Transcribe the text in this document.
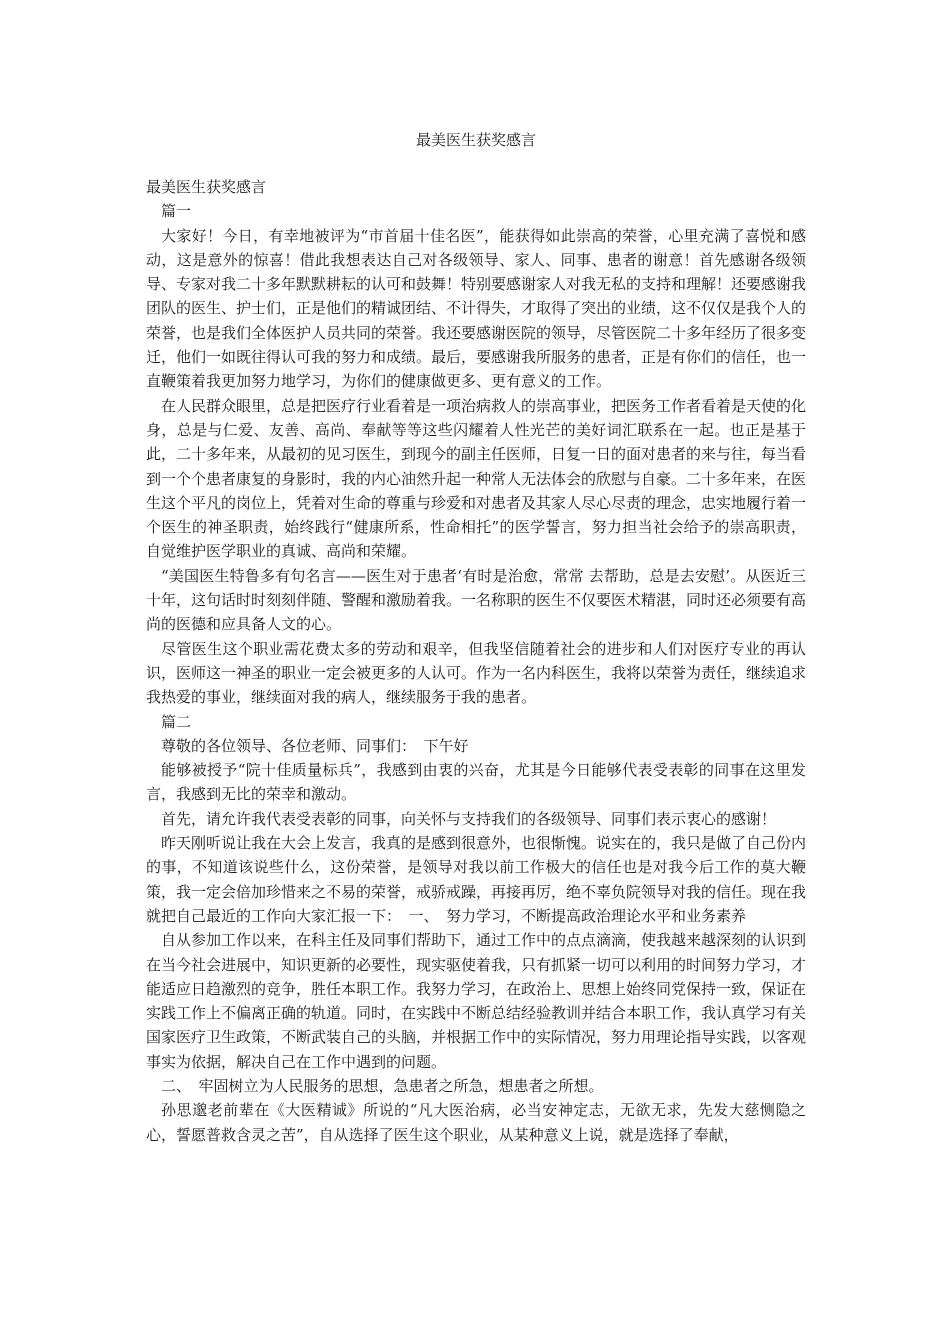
最美医生获奖感言

最美医生获奖感言

篇一

大家好！今日，有幸地被评为“市首届十佳名医”，能获得如此崇高的荣誉，心里充满了喜悦和感动，这是意外的惊喜！借此我想表达自己对各级领导、家人、同事、患者的谢意！首先感谢各级领导、专家对我二十多年默默耕耘的认可和鼓舞！特别要感谢家人对我无私的支持和理解！还要感谢我团队的医生、护士们，正是他们的精诚团结、不计得失，才取得了突出的业绩，这不仅仅是我个人的荣誉，也是我们全体医护人员共同的荣誉。我还要感谢医院的领导，尽管医院二十多年经历了很多变迁，他们一如既往得认可我的努力和成绩。最后，要感谢我所服务的患者，正是有你们的信任，也一直鞭策着我更加努力地学习，为你们的健康做更多、更有意义的工作。

在人民群众眼里，总是把医疗行业看着是一项治病救人的崇高事业，把医务工作者看着是天使的化身，总是与仁爱、友善、高尚、奉献等等这些闪耀着人性光芒的美好词汇联系在一起。也正是基于此，二十多年来，从最初的见习医生，到现今的副主任医师，日复一日的面对患者的来与往，每当看到一个个患者康复的身影时，我的内心油然升起一种常人无法体会的欣慰与自豪。二十多年来，在医生这个平凡的岗位上，凭着对生命的尊重与珍爱和对患者及其家人尽心尽责的理念，忠实地履行着一个医生的神圣职责，始终践行“健康所系，性命相托”的医学誓言，努力担当社会给予的崇高职责，自觉维护医学职业的真诚、高尚和荣耀。

“美国医生特鲁多有句名言——医生对于患者‘有时是治愈，常常 去帮助，总是去安慰’。从医近三十年，这句话时时刻刻伴随、警醒和激励着我。一名称职的医生不仅要医术精湛，同时还必须要有高尚的医德和应具备人文的心。

尽管医生这个职业需花费太多的劳动和艰辛，但我坚信随着社会的进步和人们对医疗专业的再认识，医师这一神圣的职业一定会被更多的人认可。作为一名内科医生，我将以荣誉为责任，继续追求我热爱的事业，继续面对我的病人，继续服务于我的患者。

篇二

尊敬的各位领导、各位老师、同事们：　下午好

能够被授予“院十佳质量标兵”，我感到由衷的兴奋，尤其是今日能够代表受表彰的同事在这里发言，我感到无比的荣幸和激动。

首先，请允许我代表受表彰的同事，向关怀与支持我们的各级领导、同事们表示衷心的感谢！

昨天刚听说让我在大会上发言，我真的是感到很意外，也很惭愧。说实在的，我只是做了自己份内的事，不知道该说些什么，这份荣誉，是领导对我以前工作极大的信任也是对我今后工作的莫大鞭策，我一定会倍加珍惜来之不易的荣誉，戒骄戒躁，再接再厉，绝不辜负院领导对我的信任。现在我就把自己最近的工作向大家汇报一下：　一、　努力学习，不断提高政治理论水平和业务素养

自从参加工作以来，在科主任及同事们帮助下，通过工作中的点点滴滴，使我越来越深刻的认识到在当今社会进展中，知识更新的必要性，现实驱使着我，只有抓紧一切可以利用的时间努力学习，才能适应日趋激烈的竞争，胜任本职工作。我努力学习，在政治上、思想上始终同党保持一致，保证在实践工作上不偏离正确的轨道。同时，在实践中不断总结经验教训并结合本职工作，我认真学习有关国家医疗卫生政策，不断武装自己的头脑，并根据工作中的实际情况，努力用理论指导实践，以客观事实为依据，解决自己在工作中遇到的问题。

二、　牢固树立为人民服务的思想，急患者之所急，想患者之所想。

孙思邈老前辈在《大医精诚》所说的“凡大医治病，必当安神定志，无欲无求，先发大慈恻隐之心，誓愿普救含灵之苦”，自从选择了医生这个职业，从某种意义上说，就是选择了奉献，
